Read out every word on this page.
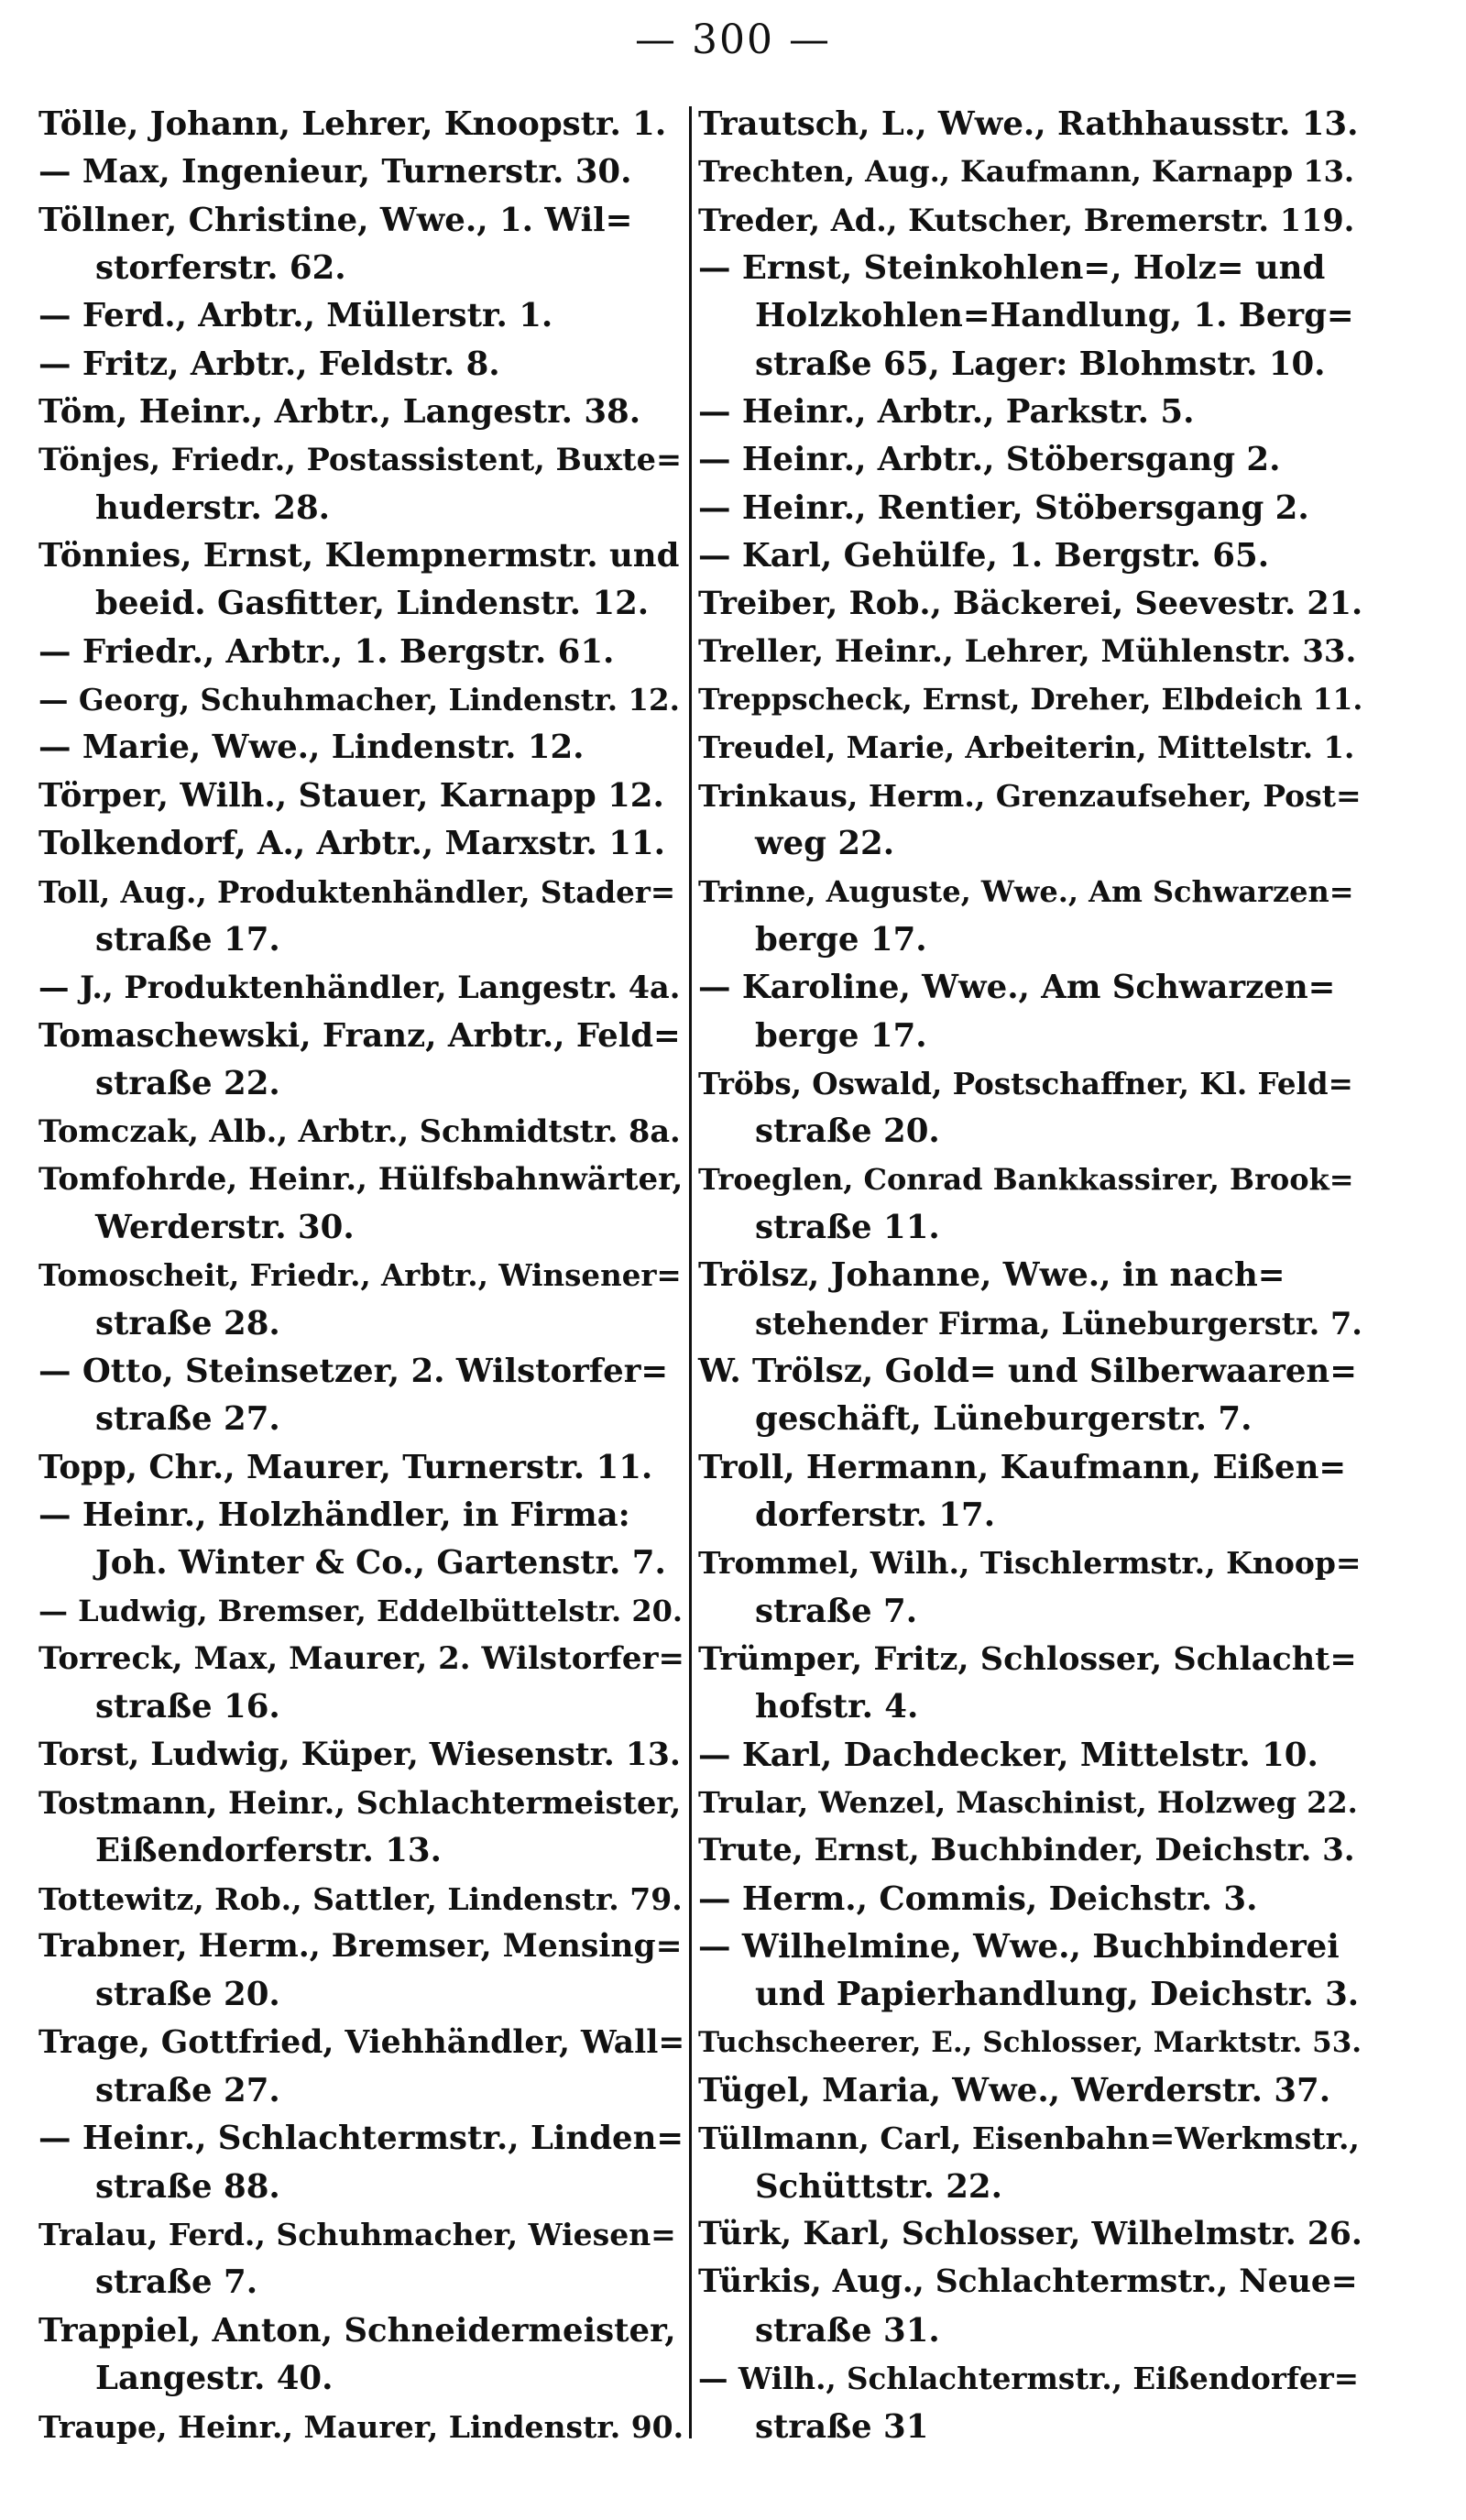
— 300 —
Tölle, Johann, Lehrer, Knoopstr. 1.
— Max, Ingenieur, Turnerstr. 30.
Töllner, Christine, Wwe., 1. Wil=
storferstr. 62.
— Ferd., Arbtr., Müllerstr. 1.
— Fritz, Arbtr., Feldstr. 8.
Töm, Heinr., Arbtr., Langestr. 38.
Tönjes, Friedr., Postassistent, Buxte=
huderstr. 28.
Tönnies, Ernst, Klempnermstr. und
beeid. Gasfitter, Lindenstr. 12.
— Friedr., Arbtr., 1. Bergstr. 61.
— Georg, Schuhmacher, Lindenstr. 12.
— Marie, Wwe., Lindenstr. 12.
Törper, Wilh., Stauer, Karnapp 12.
Tolkendorf, A., Arbtr., Marxstr. 11.
Toll, Aug., Produktenhändler, Stader=
straße 17.
— J., Produktenhändler, Langestr. 4a.
Tomaschewski, Franz, Arbtr., Feld=
straße 22.
Tomczak, Alb., Arbtr., Schmidtstr. 8a.
Tomfohrde, Heinr., Hülfsbahnwärter,
Werderstr. 30.
Tomoscheit, Friedr., Arbtr., Winsener=
straße 28.
— Otto, Steinsetzer, 2. Wilstorfer=
straße 27.
Topp, Chr., Maurer, Turnerstr. 11.
— Heinr., Holzhändler, in Firma:
Joh. Winter & Co., Gartenstr. 7.
— Ludwig, Bremser, Eddelbüttelstr. 20.
Torreck, Max, Maurer, 2. Wilstorfer=
straße 16.
Torst, Ludwig, Küper, Wiesenstr. 13.
Tostmann, Heinr., Schlachtermeister,
Eißendorferstr. 13.
Tottewitz, Rob., Sattler, Lindenstr. 79.
Trabner, Herm., Bremser, Mensing=
straße 20.
Trage, Gottfried, Viehhändler, Wall=
straße 27.
— Heinr., Schlachtermstr., Linden=
straße 88.
Tralau, Ferd., Schuhmacher, Wiesen=
straße 7.
Trappiel, Anton, Schneidermeister,
Langestr. 40.
Traupe, Heinr., Maurer, Lindenstr. 90.
Trautsch, L., Wwe., Rathhausstr. 13.
Trechten, Aug., Kaufmann, Karnapp 13.
Treder, Ad., Kutscher, Bremerstr. 119.
— Ernst, Steinkohlen=, Holz= und
Holzkohlen=Handlung, 1. Berg=
straße 65, Lager: Blohmstr. 10.
— Heinr., Arbtr., Parkstr. 5.
— Heinr., Arbtr., Stöbersgang 2.
— Heinr., Rentier, Stöbersgang 2.
— Karl, Gehülfe, 1. Bergstr. 65.
Treiber, Rob., Bäckerei, Seevestr. 21.
Treller, Heinr., Lehrer, Mühlenstr. 33.
Treppscheck, Ernst, Dreher, Elbdeich 11.
Treudel, Marie, Arbeiterin, Mittelstr. 1.
Trinkaus, Herm., Grenzaufseher, Post=
weg 22.
Trinne, Auguste, Wwe., Am Schwarzen=
berge 17.
— Karoline, Wwe., Am Schwarzen=
berge 17.
Tröbs, Oswald, Postschaffner, Kl. Feld=
straße 20.
Troeglen, Conrad Bankkassirer, Brook=
straße 11.
Trölsz, Johanne, Wwe., in nach=
stehender Firma, Lüneburgerstr. 7.
W. Trölsz, Gold= und Silberwaaren=
geschäft, Lüneburgerstr. 7.
Troll, Hermann, Kaufmann, Eißen=
dorferstr. 17.
Trommel, Wilh., Tischlermstr., Knoop=
straße 7.
Trümper, Fritz, Schlosser, Schlacht=
hofstr. 4.
— Karl, Dachdecker, Mittelstr. 10.
Trular, Wenzel, Maschinist, Holzweg 22.
Trute, Ernst, Buchbinder, Deichstr. 3.
— Herm., Commis, Deichstr. 3.
— Wilhelmine, Wwe., Buchbinderei
und Papierhandlung, Deichstr. 3.
Tuchscheerer, E., Schlosser, Marktstr. 53.
Tügel, Maria, Wwe., Werderstr. 37.
Tüllmann, Carl, Eisenbahn=Werkmstr.,
Schüttstr. 22.
Türk, Karl, Schlosser, Wilhelmstr. 26.
Türkis, Aug., Schlachtermstr., Neue=
straße 31.
— Wilh., Schlachtermstr., Eißendorfer=
straße 31
